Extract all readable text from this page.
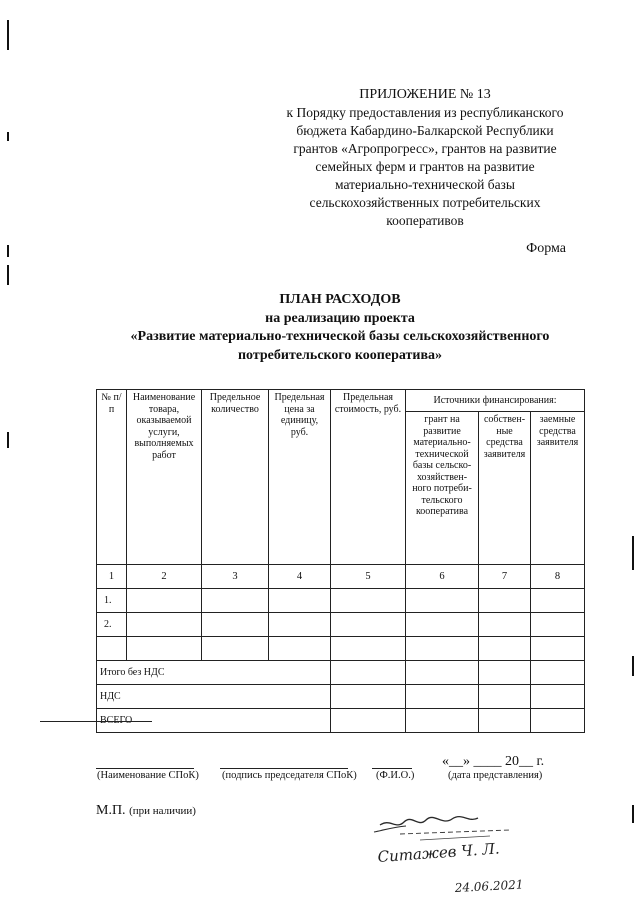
ПРИЛОЖЕНИЕ № 13
к Порядку предоставления из республиканского
бюджета Кабардино-Балкарской Республики
грантов «Агропрогресс», грантов на развитие
семейных ферм и грантов на развитие
материально-технической базы
сельскохозяйственных потребительских
кооперативов
Форма
ПЛАН РАСХОДОВ
на реализацию проекта
«Развитие материально-технической базы сельскохозяйственного
потребительского кооператива»
№ п/п	Наименование товара, оказываемой услуги, выполняемых работ	Предельное количество	Предельная цена за единицу, руб.	Предельная стоимость, руб.	Источники финансирования:		
					грант на развитие материально-технической базы сельско-хозяйствен-ного потреби-тельского кооператива	собствен-ные средства заявителя	заемные средства заявителя
1	2	3	4	5	6	7	8
1.							
2.							

Итого без НДС							
НДС							
ВСЕГО							
«__» ____ 20__ г.
(Наименование СПоК) (подпись председателя СПоК) (Ф.И.О.)	(дата представления)
М.П. (при наличии)
Ситажев Ч. Л.
24.06.2021
